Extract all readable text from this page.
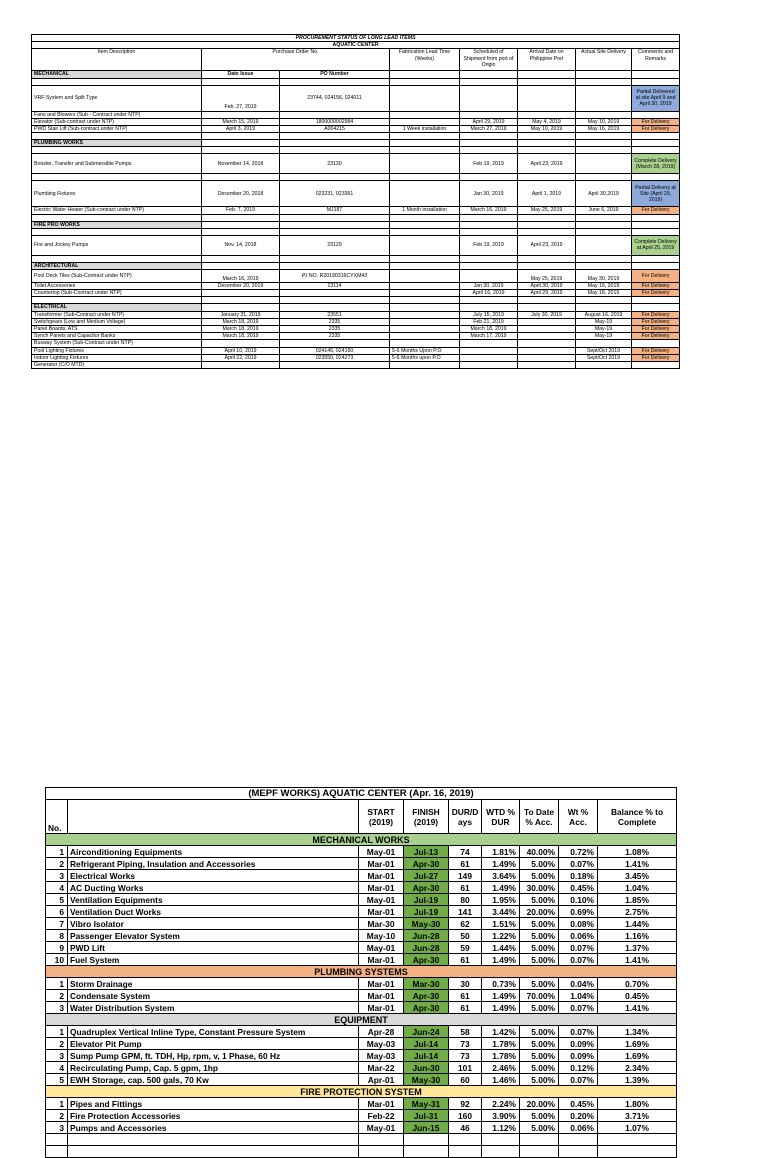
PROCUREMENT STATUS OF LONG LEAD ITEMS							
AQUATIC CENTER							
Item Description	Purchase Order No.		Fabrication Lead Time (Weeks)	Scheduled of Shipment from port of Origin	Arrival Date on Philippine Port	Actual Site Delivery	Comments and Remarks
MECHANICAL	Date Issue	PO Number					

VRF System and Split Type	Feb. 27, 2019	23744, 024156, 024011					Partial Delivered at site April 9 and April 30, 2019
Fans and Blowers (Sub - Contract under NTP)							
Elevator (Sub-contract under NTP)	March 15, 2019	1800000002984		April 29, 2019	May 4, 2019	May 10, 2019	For Delivery
PWD Stair Lift (Sub-contract under NTP)	April 3, 2019	A004215	1 Week installation	March 27, 2019	May 10, 2019	May 16, 2019	For Delivery

PLUMBING WORKS							

Booster, Transfer and Submersible Pumps	November 14, 2018	23130		Feb 19, 2019	April 23, 2019		Complete Delivery (March 28, 2019)

Plumbing Fixtures	December 20, 2018	023231, 023361		Jan 30, 2019	April 1, 2019	April 30,2019	Partial Delivery at Site (April 29, 2019)
Electric Water Heater (Sub-contract under NTP)	Feb. 7, 2019	MJ187	1 Month installation	March 16, 2019	May 25, 2019	June 6, 2019	For Delivery

FIRE PRO WORKS							

Fire and Jockey Pumps	Nov. 14, 2018	23129		Feb 19, 2019	April 23, 2019		Complete Delivery at April 25, 2019

ARCHITECTURAL							
Pool Deck Tiles (Sub-Contract under NTP)	March 16, 2019	P.I NO. R20190316CYXM43			May 25, 2019	May 30, 2019	For Delivery
Toilet Accessories	December 20, 2019	23114		Jan 30, 2019	April 30, 2019	May 16, 2019	For Delivery
Countertop (Sub-Contract under NTP)				April 16, 2019	April 29, 2019	May 18, 2019	For Delivery

ELECTRICAL							
Transformer (Sub-Contract under NTP)	January 31, 2019	23551		July 15, 2019	July 30, 2019	August 16, 2019	For Delivery
Switchgears (Low and Medium Voltage)	March 18, 2019	2335		Feb 21, 2019		May-19	For Delivery
Panel Boards, ATS	March 18, 2019	2335		March 18, 2019		May-19	For Delivery
Synch Panels and Capacitor Banks	March 18, 2019	2335		March 17, 2019		May-19	For Delivery
Busway System (Sub-Contract under NTP)							
Pool Lighting Fixtures	April 10, 2019	024146, 024160	5-6 Months Upon P.O			Sept/Oct 2019	For Delivery
Indoor Lighting Fixtures	April 22, 2019	023550, 024273	5-6 Months upon P.O			Sept/Oct 2019	For Delivery
Generator (C/O MTD)							
(MEPF WORKS) AQUATIC CENTER (Apr. 16, 2019)								
No.		START (2019)	FINISH (2019)	DUR/D ays	WTD % DUR	To Date % Acc.	Wt % Acc.	Balance % to Complete
MECHANICAL WORKS								
1	Airconditioning Equipments	May-01	Jul-13	74	1.81%	40.00%	0.72%	1.08%
2	Refrigerant Piping, Insulation and Accessories	Mar-01	Apr-30	61	1.49%	5.00%	0.07%	1.41%
3	Electrical Works	Mar-01	Jul-27	149	3.64%	5.00%	0.18%	3.45%
4	AC Ducting Works	Mar-01	Apr-30	61	1.49%	30.00%	0.45%	1.04%
5	Ventilation Equipments	May-01	Jul-19	80	1.95%	5.00%	0.10%	1.85%
6	Ventilation Duct Works	Mar-01	Jul-19	141	3.44%	20.00%	0.69%	2.75%
7	Vibro Isolator	Mar-30	May-30	62	1.51%	5.00%	0.08%	1.44%
8	Passenger Elevator System	May-10	Jun-28	50	1.22%	5.00%	0.06%	1.16%
9	PWD Lift	May-01	Jun-28	59	1.44%	5.00%	0.07%	1.37%
10	Fuel System	Mar-01	Apr-30	61	1.49%	5.00%	0.07%	1.41%
PLUMBING SYSTEMS								
1	Storm Drainage	Mar-01	Mar-30	30	0.73%	5.00%	0.04%	0.70%
2	Condensate System	Mar-01	Apr-30	61	1.49%	70.00%	1.04%	0.45%
3	Water Distribution System	Mar-01	Apr-30	61	1.49%	5.00%	0.07%	1.41%
EQUIPMENT								
1	Quadruplex Vertical Inline Type, Constant Pressure System	Apr-28	Jun-24	58	1.42%	5.00%	0.07%	1.34%
2	Elevator Pit Pump	May-03	Jul-14	73	1.78%	5.00%	0.09%	1.69%
3	Sump Pump GPM, ft. TDH, Hp, rpm, v, 1 Phase, 60 Hz	May-03	Jul-14	73	1.78%	5.00%	0.09%	1.69%
4	Recirculating Pump, Cap. 5 gpm, 1hp	Mar-22	Jun-30	101	2.46%	5.00%	0.12%	2.34%
5	EWH Storage, cap. 500 gals, 70 Kw	Apr-01	May-30	60	1.46%	5.00%	0.07%	1.39%
FIRE PROTECTION SYSTEM								
1	Pipes and Fittings	Mar-01	May-31	92	2.24%	20.00%	0.45%	1.80%
2	Fire Protection Accessories	Feb-22	Jul-31	160	3.90%	5.00%	0.20%	3.71%
3	Pumps and Accessories	May-01	Jun-15	46	1.12%	5.00%	0.06%	1.07%
